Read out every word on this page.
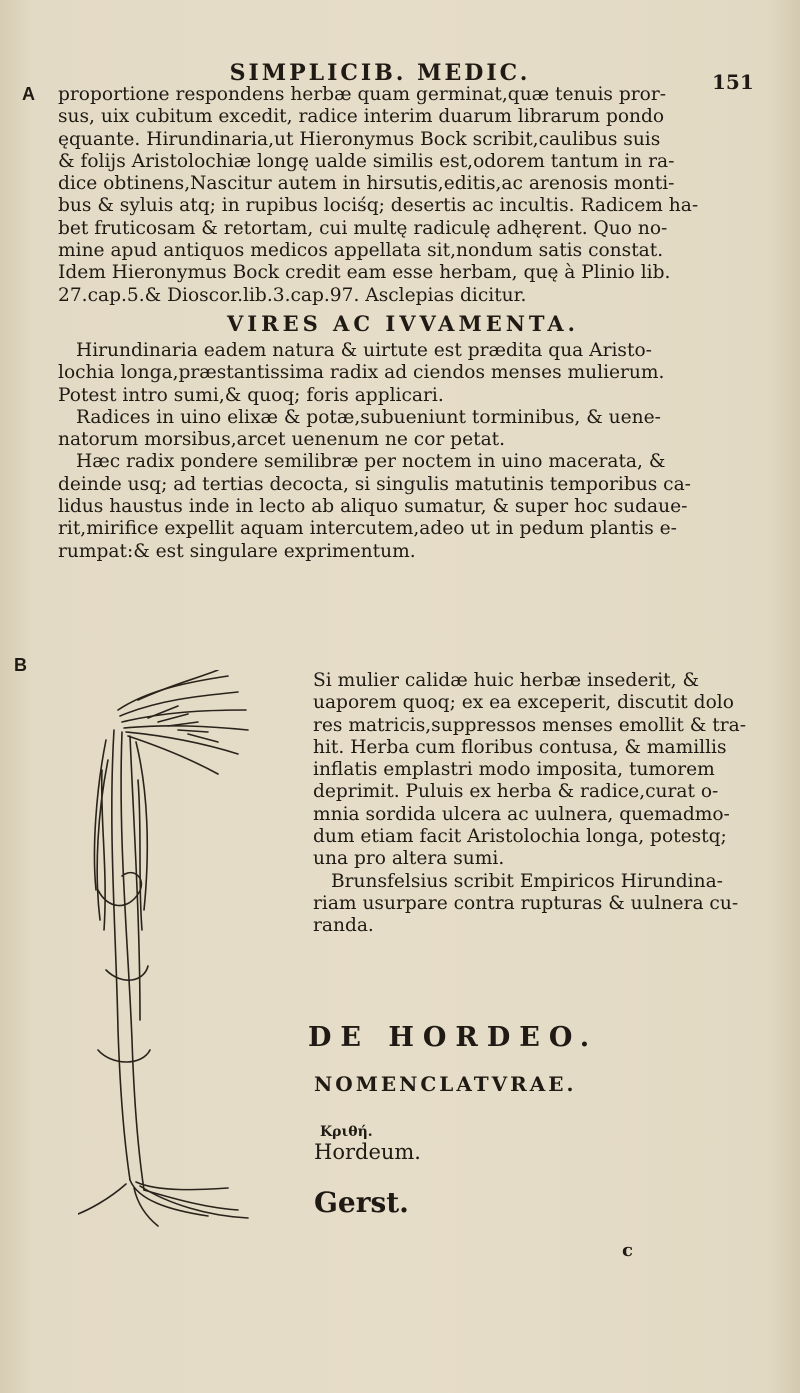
SIMPLICIB. MEDIC.	151
A
B
proportione respondens herbæ quam germinat,quæ tenuis pror-
sus, uix cubitum excedit, radice interim duarum librarum pondo
ęquante. Hirundinaria,ut Hieronymus Bock scribit,caulibus suis
& folijs Aristolochiæ longę ualde similis est,odorem tantum in ra-
dice obtinens,Nascitur autem in hirsutis,editis,ac arenosis monti-
bus & syluis atq; in rupibus lociśq; desertis ac incultis. Radicem ha-
bet fruticosam & retortam, cui multę radiculę adhęrent. Quo no-
mine apud antiquos medicos appellata sit,nondum satis constat.
Idem Hieronymus Bock credit eam esse herbam, quę à Plinio lib.
27.cap.5.& Dioscor.lib.3.cap.97. Asclepias dicitur.
VIRES AC IVVAMENTA.
Hirundinaria eadem natura & uirtute est prædita qua Aristo-
lochia longa,præstantissima radix ad ciendos menses mulierum.
Potest intro sumi,& quoq; foris applicari.
Radices in uino elixæ & potæ,subueniunt torminibus, & uene-
natorum morsibus,arcet uenenum ne cor petat.
Hæc radix pondere semilibræ per noctem in uino macerata, &
deinde usq; ad tertias decocta, si singulis matutinis temporibus ca-
lidus haustus inde in lecto ab aliquo sumatur, & super hoc sudaue-
rit,mirifice expellit aquam intercutem,adeo ut in pedum plantis e-
rumpat:& est singulare exprimentum.
Si mulier calidæ huic herbæ insederit, &
uaporem quoq; ex ea exceperit, discutit dolo
res matricis,suppressos menses emollit & tra-
hit. Herba cum floribus contusa, & mamillis
inflatis emplastri modo imposita, tumorem
deprimit. Puluis ex herba & radice,curat o-
mnia sordida ulcera ac uulnera, quemadmo-
dum etiam facit Aristolochia longa, potestq;
una pro altera sumi.
Brunsfelsius scribit Empiricos Hirundina-
riam usurpare contra rupturas & uulnera cu-
randa.
DE HORDEO.
NOMENCLATVRAE.
Κριθή.
Hordeum.
Gerst.
c
